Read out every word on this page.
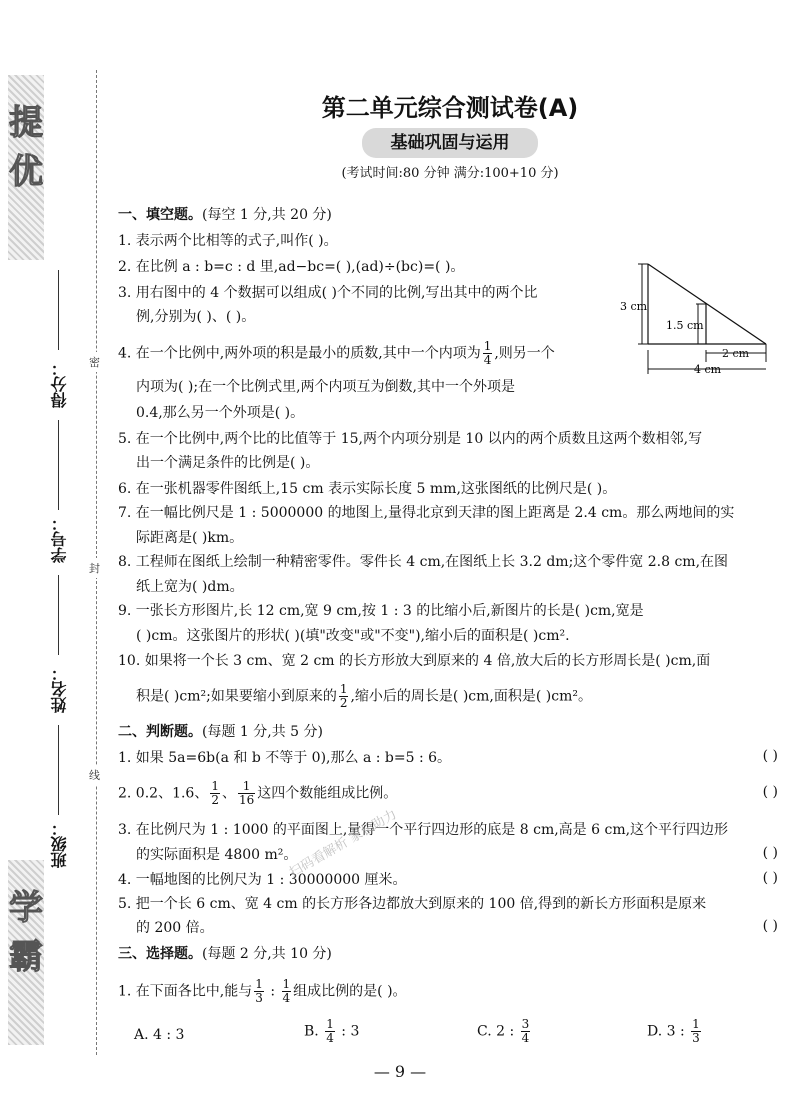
提优
学霸
得分：
学号：
姓名：
班级：
密
封
线
第二单元综合测试卷(A)
基础巩固与运用
(考试时间:80 分钟 满分:100+10 分)
一、填空题。(每空 1 分,共 20 分)
1. 表示两个比相等的式子,叫作( )。
2. 在比例 a : b=c : d 里,ad−bc=( ),(ad)÷(bc)=( )。
3. 用右图中的 4 个数据可以组成( )个不同的比例,写出其中的两个比
例,分别为( )、( )。
4. 在一个比例中,两外项的积是最小的质数,其中一个内项为 $\frac{1}{4}$ ,则另一个
内项为( );在一个比例式里,两个内项互为倒数,其中一个外项是
0.4,那么另一个外项是( )。
5. 在一个比例中,两个比的比值等于 15,两个内项分别是 10 以内的两个质数且这两个数相邻,写
出一个满足条件的比例是( )。
6. 在一张机器零件图纸上,15 cm 表示实际长度 5 mm,这张图纸的比例尺是( )。
7. 在一幅比例尺是 1 : 5000000 的地图上,量得北京到天津的图上距离是 2.4 cm。那么两地间的实
际距离是( )km。
8. 工程师在图纸上绘制一种精密零件。零件长 4 cm,在图纸上长 3.2 dm;这个零件宽 2.8 cm,在图
纸上宽为( )dm。
9. 一张长方形图片,长 12 cm,宽 9 cm,按 1 : 3 的比缩小后,新图片的长是( )cm,宽是
( )cm。这张图片的形状( )(填"改变"或"不变"),缩小后的面积是( )cm².
10. 如果将一个长 3 cm、宽 2 cm 的长方形放大到原来的 4 倍,放大后的长方形周长是( )cm,面
积是( )cm²;如果要缩小到原来的 $\frac{1}{2}$ ,缩小后的周长是( )cm,面积是( )cm²。
二、判断题。(每题 1 分,共 5 分)
1. 如果 5a=6b(a 和 b 不等于 0),那么 a : b=5 : 6。	( )
2. 0.2、1.6、 $\frac{1}{2}$ 、 $\frac{1}{16}$ 这四个数能组成比例。	( )
3. 在比例尺为 1 : 1000 的平面图上,量得一个平行四边形的底是 8 cm,高是 6 cm,这个平行四边形
的实际面积是 4800 m²。	( )
4. 一幅地图的比例尺为 1 : 30000000 厘米。	( )
5. 把一个长 6 cm、宽 4 cm 的长方形各边都放大到原来的 100 倍,得到的新长方形面积是原来
的 200 倍。	( )
三、选择题。(每题 2 分,共 10 分)
1. 在下面各比中,能与 $\frac{1}{3}$ : $\frac{1}{4}$ 组成比例的是( )。
A. 4 : 3	B. $\frac{1}{4}$ : 3	C. 2 : $\frac{3}{4}$	D. 3 : $\frac{1}{3}$
3 cm
1.5 cm
2 cm
4 cm
扫码看解析 家长助力
— 9 —
